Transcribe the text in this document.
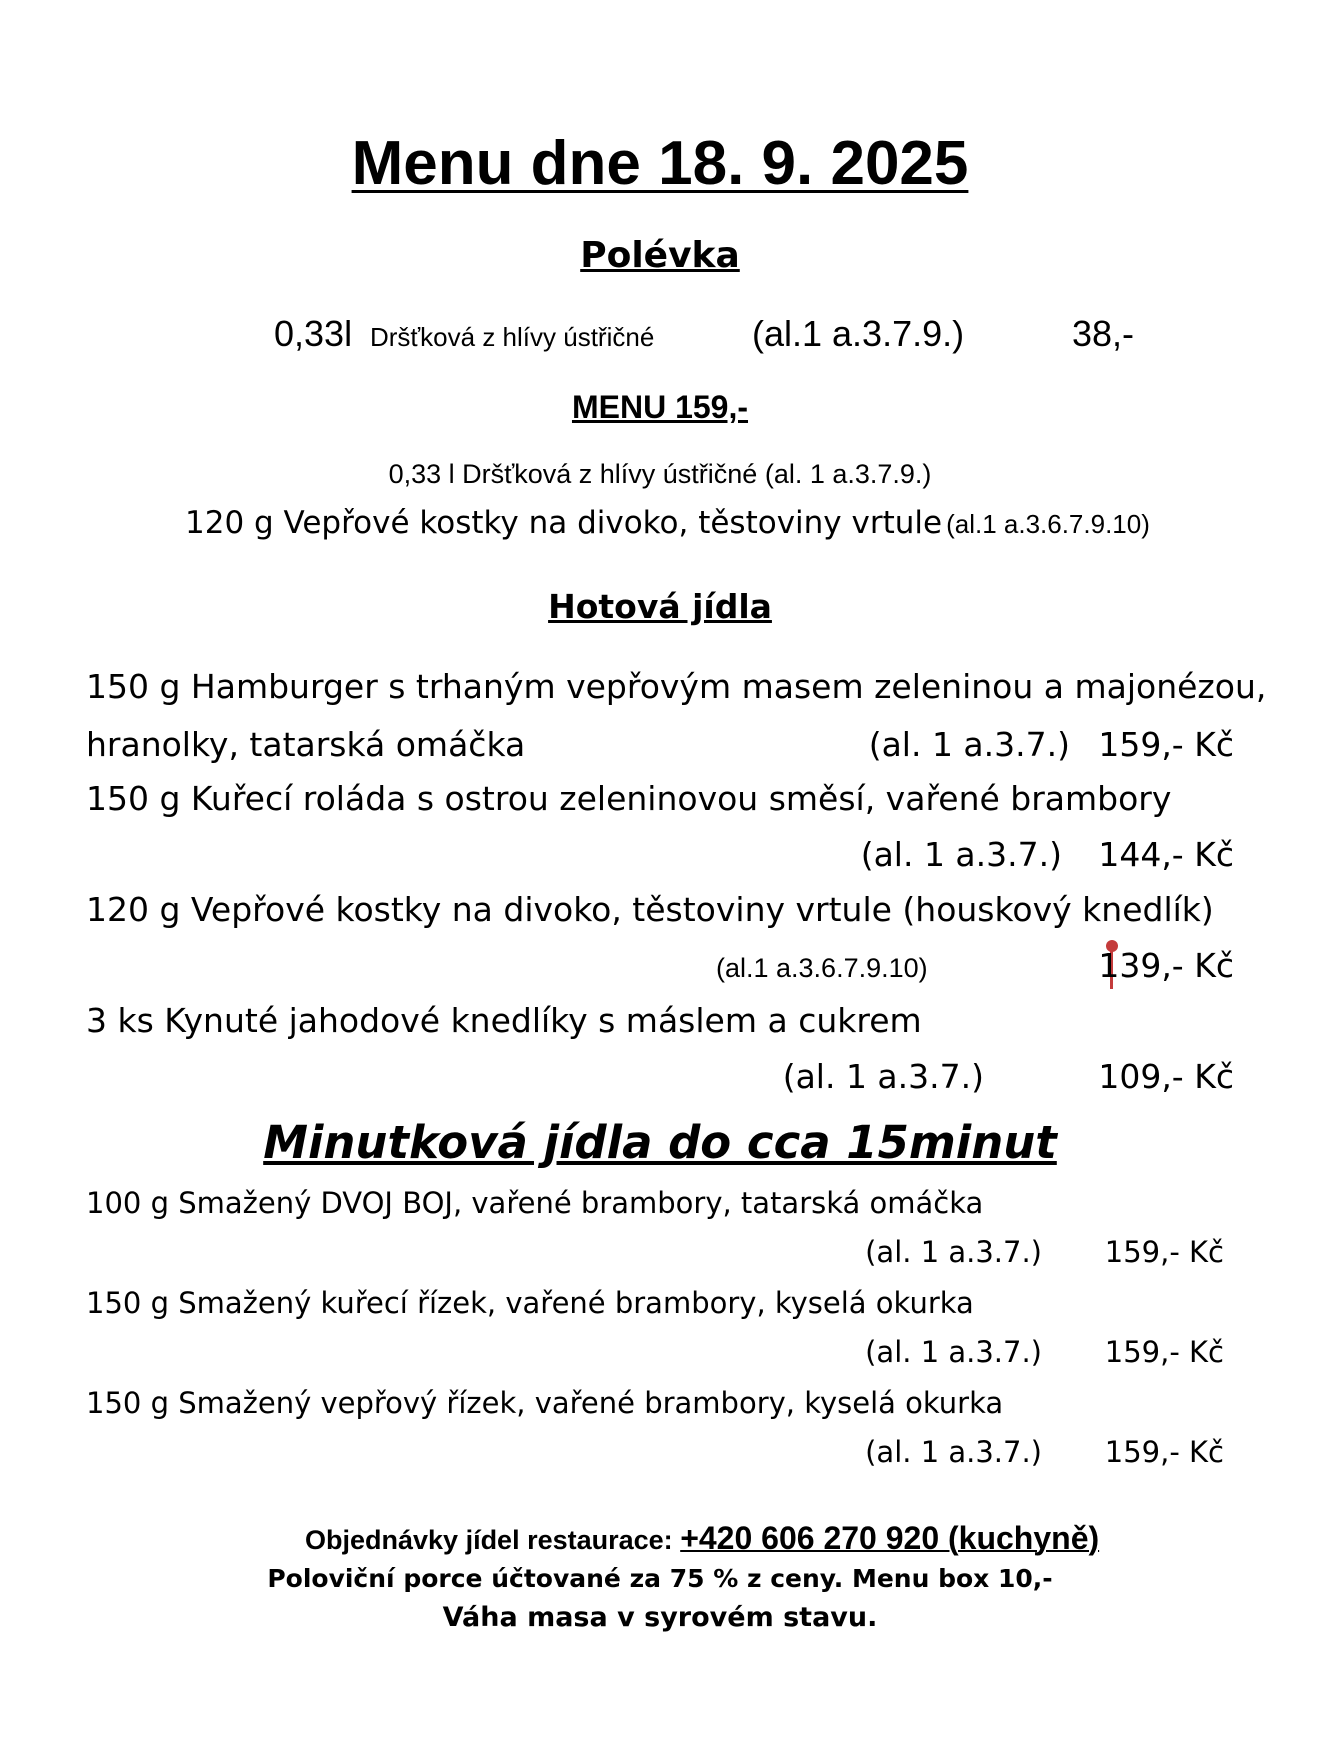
Menu dne 18. 9. 2025
Polévka
0,33l Dršťková z hlívy ústřičné	(al.1 a.3.7.9.)	38,-
MENU 159,-
0,33 l Dršťková z hlívy ústřičné (al. 1 a.3.7.9.)
120 g Vepřové kostky na divoko, těstoviny vrtule (al.1 a.3.6.7.9.10)
Hotová jídla
150 g Hamburger s trhaným vepřovým masem zeleninou a majonézou,
hranolky, tatarská omáčka	(al. 1 a.3.7.) 159,- Kč
150 g Kuřecí roláda s ostrou zeleninovou směsí, vařené brambory
(al. 1 a.3.7.) 144,- Kč
120 g Vepřové kostky na divoko, těstoviny vrtule (houskový knedlík)
(al.1 a.3.6.7.9.10)	139,- Kč
3 ks Kynuté jahodové knedlíky s máslem a cukrem
(al. 1 a.3.7.)	109,- Kč
Minutková jídla do cca 15minut
100 g Smažený DVOJ BOJ, vařené brambory, tatarská omáčka
(al. 1 a.3.7.) 159,- Kč
150 g Smažený kuřecí řízek, vařené brambory, kyselá okurka
(al. 1 a.3.7.) 159,- Kč
150 g Smažený vepřový řízek, vařené brambory, kyselá okurka
(al. 1 a.3.7.) 159,- Kč
Objednávky jídel restaurace: +420 606 270 920 (kuchyně)
Poloviční porce účtované za 75 % z ceny. Menu box 10,-
Váha masa v syrovém stavu.
